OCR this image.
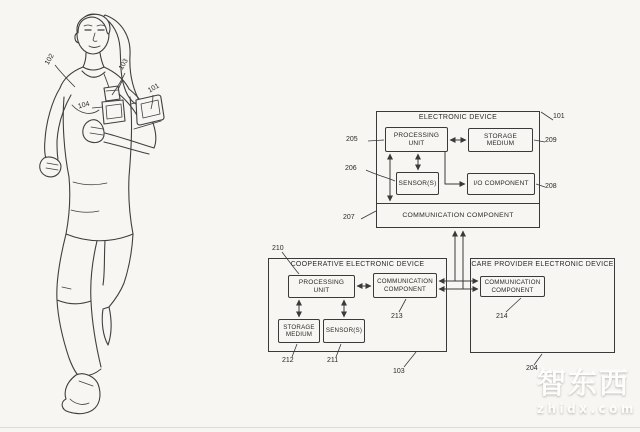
ELECTRONIC DEVICE
PROCESSING UNIT
STORAGE MEDIUM
SENSOR(S)	I/O COMPONENT
COMMUNICATION COMPONENT
COOPERATIVE ELECTRONIC DEVICE
PROCESSING UNIT
COMMUNICATION COMPONENT
STORAGE MEDIUM
SENSOR(S)
CARE PROVIDER ELECTRONIC DEVICE
COMMUNICATION COMPONENT
205
206
207
101
209
208
210
213
212	211
103
214
204
102	103
101
104
智东西
zhidx.com
